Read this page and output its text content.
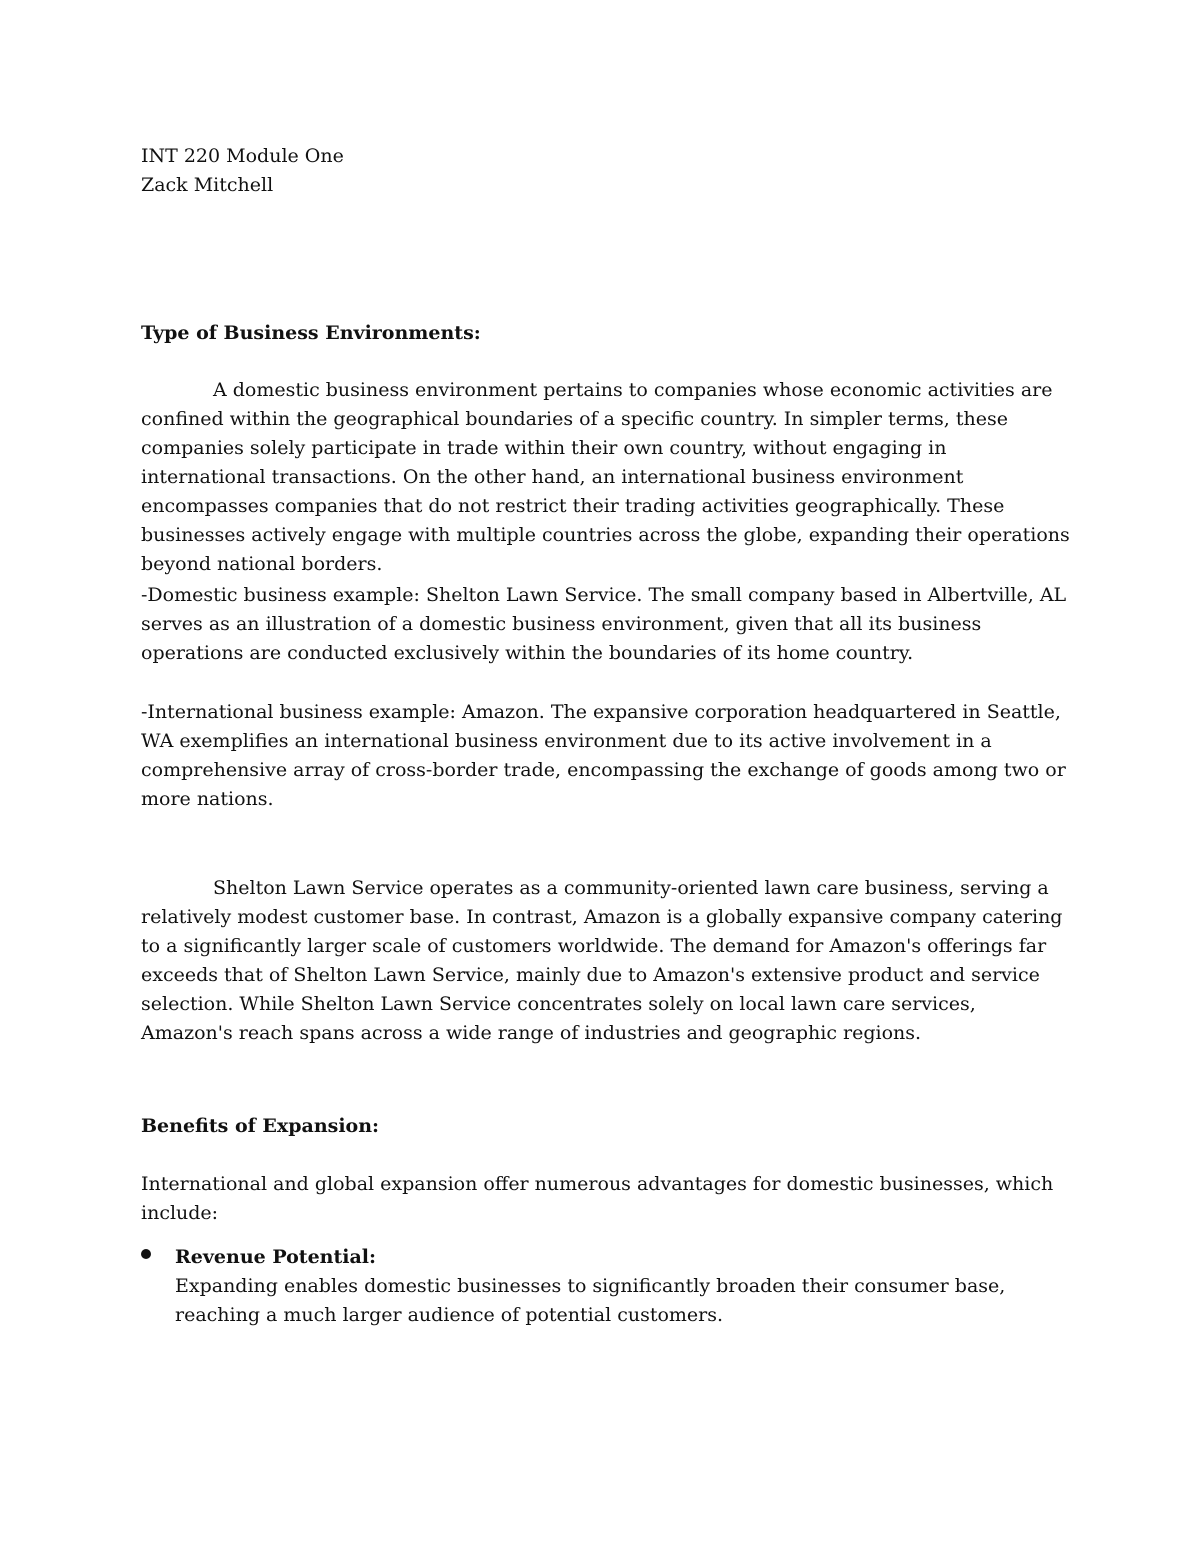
INT 220 Module One
Zack Mitchell

Type of Business Environments:

A domestic business environment pertains to companies whose economic activities are confined within the geographical boundaries of a specific country. In simpler terms, these companies solely participate in trade within their own country, without engaging in international transactions. On the other hand, an international business environment encompasses companies that do not restrict their trading activities geographically. These businesses actively engage with multiple countries across the globe, expanding their operations beyond national borders.

-Domestic business example: Shelton Lawn Service. The small company based in Albertville, AL serves as an illustration of a domestic business environment, given that all its business operations are conducted exclusively within the boundaries of its home country.

-International business example: Amazon. The expansive corporation headquartered in Seattle, WA exemplifies an international business environment due to its active involvement in a comprehensive array of cross-border trade, encompassing the exchange of goods among two or more nations.

Shelton Lawn Service operates as a community-oriented lawn care business, serving a relatively modest customer base. In contrast, Amazon is a globally expansive company catering to a significantly larger scale of customers worldwide. The demand for Amazon's offerings far exceeds that of Shelton Lawn Service, mainly due to Amazon's extensive product and service selection. While Shelton Lawn Service concentrates solely on local lawn care services, Amazon's reach spans across a wide range of industries and geographic regions.

Benefits of Expansion:

International and global expansion offer numerous advantages for domestic businesses, which include:

Revenue Potential:
Expanding enables domestic businesses to significantly broaden their consumer base, reaching a much larger audience of potential customers.
